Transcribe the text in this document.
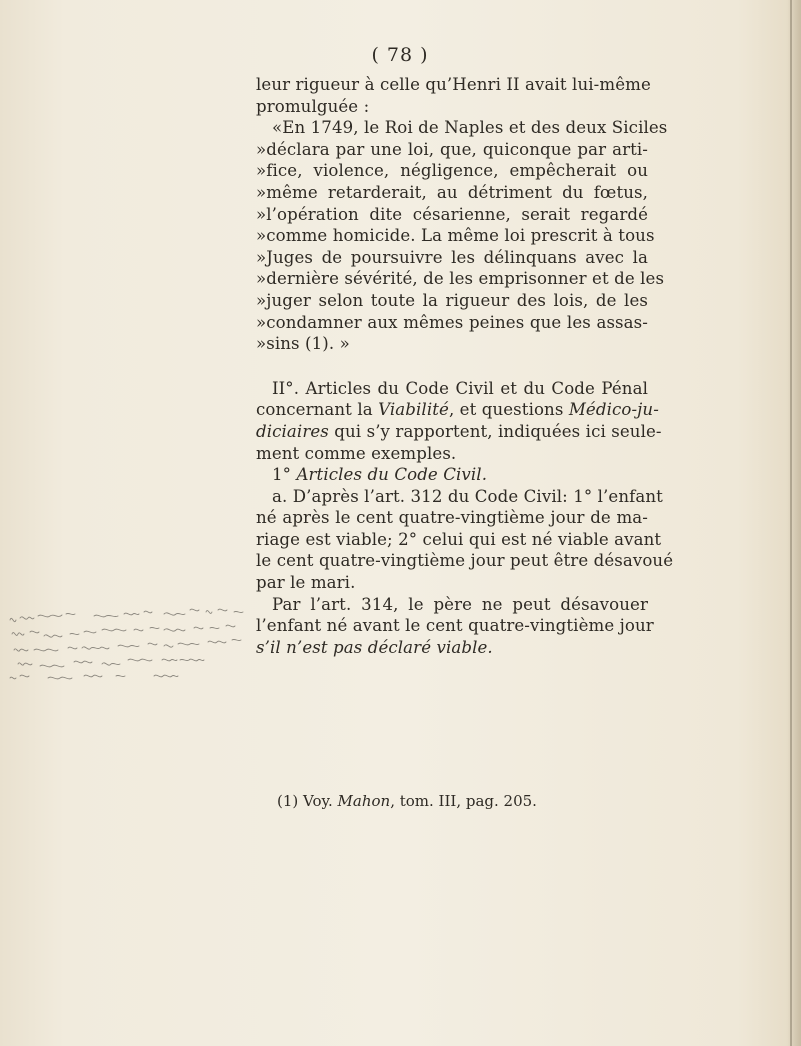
( 78 )
leur rigueur à celle qu’Henri II avait lui-même
promulguée :
«En 1749, le Roi de Naples et des deux Siciles
»déclara par une loi, que, quiconque par arti-
»fice, violence, négligence, empêcherait ou
»même retarderait, au détriment du fœtus,
»l’opération dite césarienne, serait regardé
»comme homicide. La même loi prescrit à tous
»Juges de poursuivre les délinquans avec la
»dernière sévérité, de les emprisonner et de les
»juger selon toute la rigueur des lois, de les
»condamner aux mêmes peines que les assas-
»sins (1). »
II°. Articles du Code Civil et du Code Pénal
concernant la Viabilité, et questions Médico-ju-
diciaires qui s’y rapportent, indiquées ici seule-
ment comme exemples.
1° Articles du Code Civil.
a. D’après l’art. 312 du Code Civil: 1° l’enfant
né après le cent quatre-vingtième jour de ma-
riage est viable; 2° celui qui est né viable avant
le cent quatre-vingtième jour peut être désavoué
par le mari.
Par l’art. 314, le père ne peut désavouer
l’enfant né avant le cent quatre-vingtième jour
s’il n’est pas déclaré viable.
(1) Voy. Mahon, tom. III, pag. 205.
